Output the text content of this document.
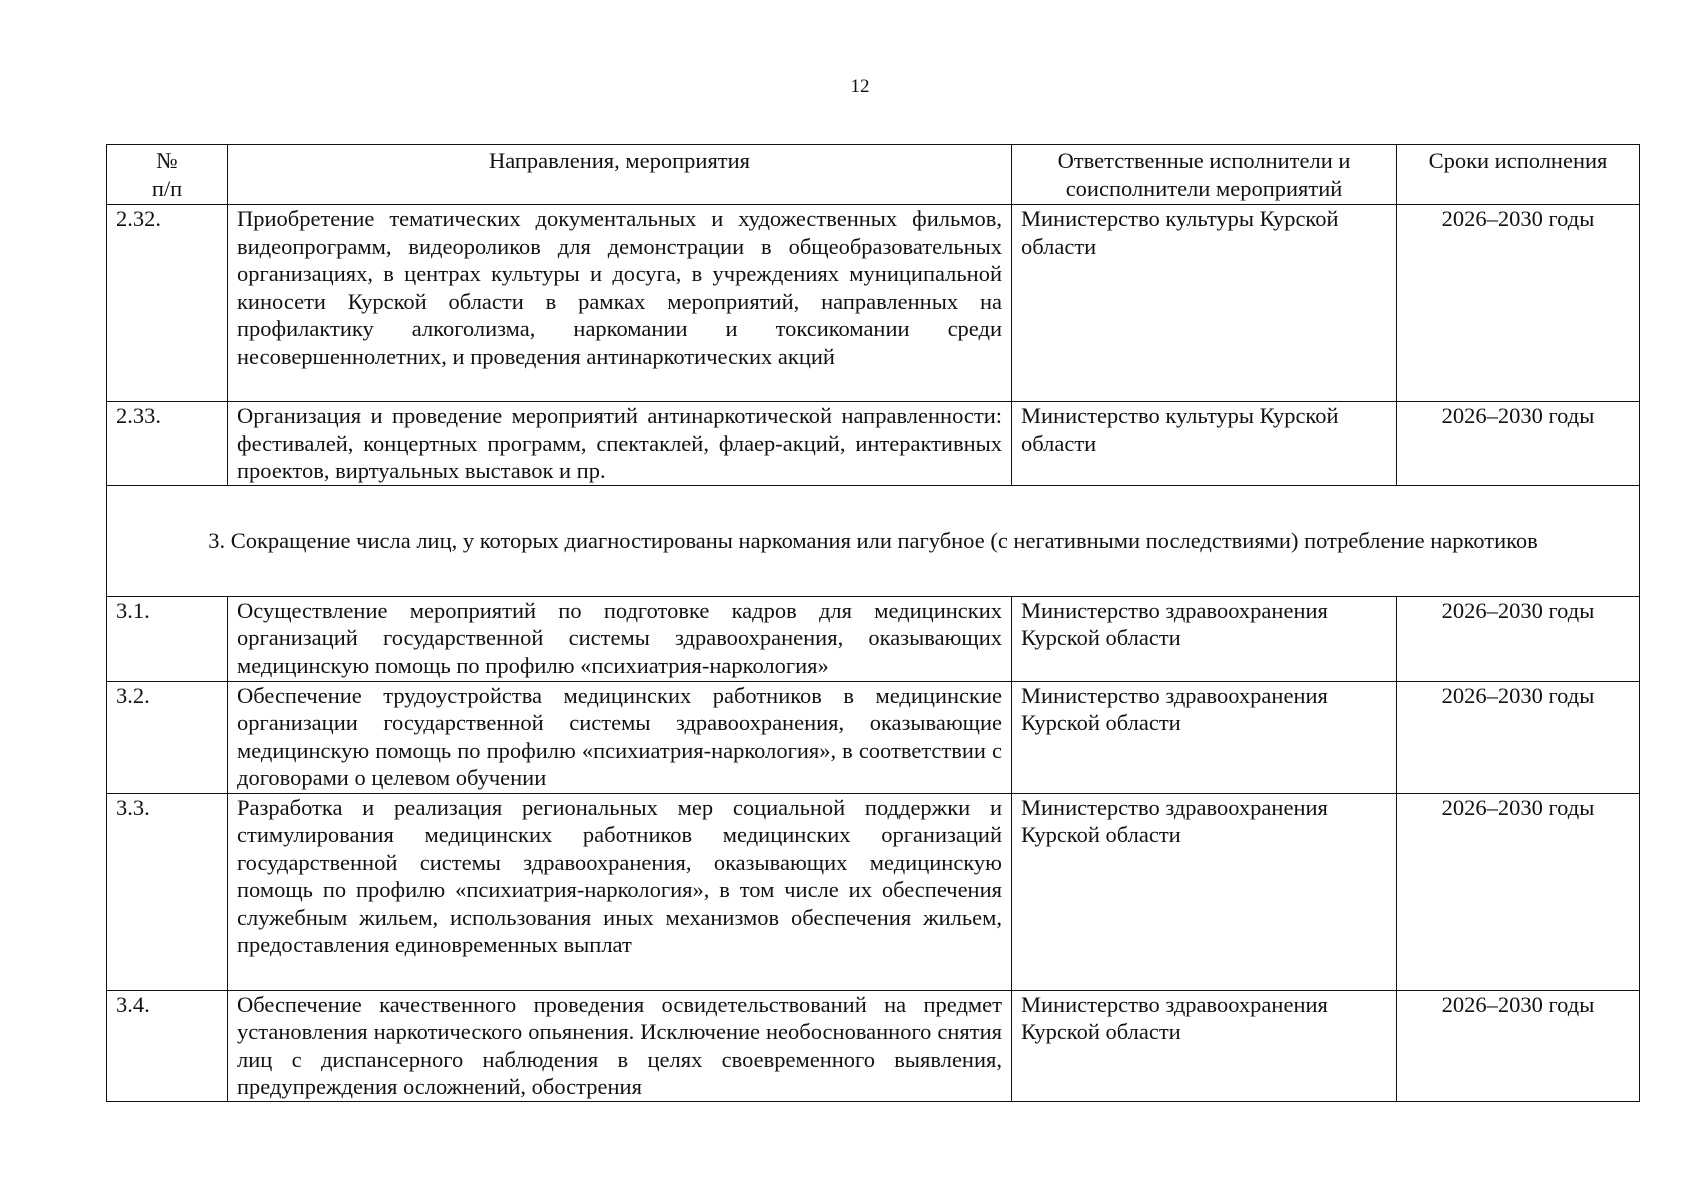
12
№
п/п	Направления, мероприятия	Ответственные исполнители и соисполнители мероприятий	Сроки исполнения
2.32.	Приобретение тематических документальных и художественных фильмов, видеопрограмм, видеороликов для демонстрации в общеобразовательных организациях, в центрах культуры и досуга, в учреждениях муниципальной киносети Курской области в рамках мероприятий, направленных на профилактику алкоголизма, наркомании и токсикомании среди несовершеннолетних, и проведения антинаркотических акций	Министерство культуры Курской области	2026–2030 годы
2.33.	Организация и проведение мероприятий антинаркотической направленности: фестивалей, концертных программ, спектаклей, флаер-акций, интерактивных проектов, виртуальных выставок и пр.	Министерство культуры Курской области	2026–2030 годы
3. Сокращение числа лиц, у которых диагностированы наркомания или пагубное (с негативными последствиями) потребление наркотиков			
3.1.	Осуществление мероприятий по подготовке кадров для медицинских организаций государственной системы здравоохранения, оказывающих медицинскую помощь по профилю «психиатрия-наркология»	Министерство здравоохранения Курской области	2026–2030 годы
3.2.	Обеспечение трудоустройства медицинских работников в медицинские организации государственной системы здравоохранения, оказывающие медицинскую помощь по профилю «психиатрия-наркология», в соответствии с договорами о целевом обучении	Министерство здравоохранения Курской области	2026–2030 годы
3.3.	Разработка и реализация региональных мер социальной поддержки и стимулирования медицинских работников медицинских организаций государственной системы здравоохранения, оказывающих медицинскую помощь по профилю «психиатрия-наркология», в том числе их обеспечения служебным жильем, использования иных механизмов обеспечения жильем, предоставления единовременных выплат	Министерство здравоохранения Курской области	2026–2030 годы
3.4.	Обеспечение качественного проведения освидетельствований на предмет установления наркотического опьянения. Исключение необоснованного снятия лиц с диспансерного наблюдения в целях своевременного выявления, предупреждения осложнений, обострения	Министерство здравоохранения Курской области	2026–2030 годы
